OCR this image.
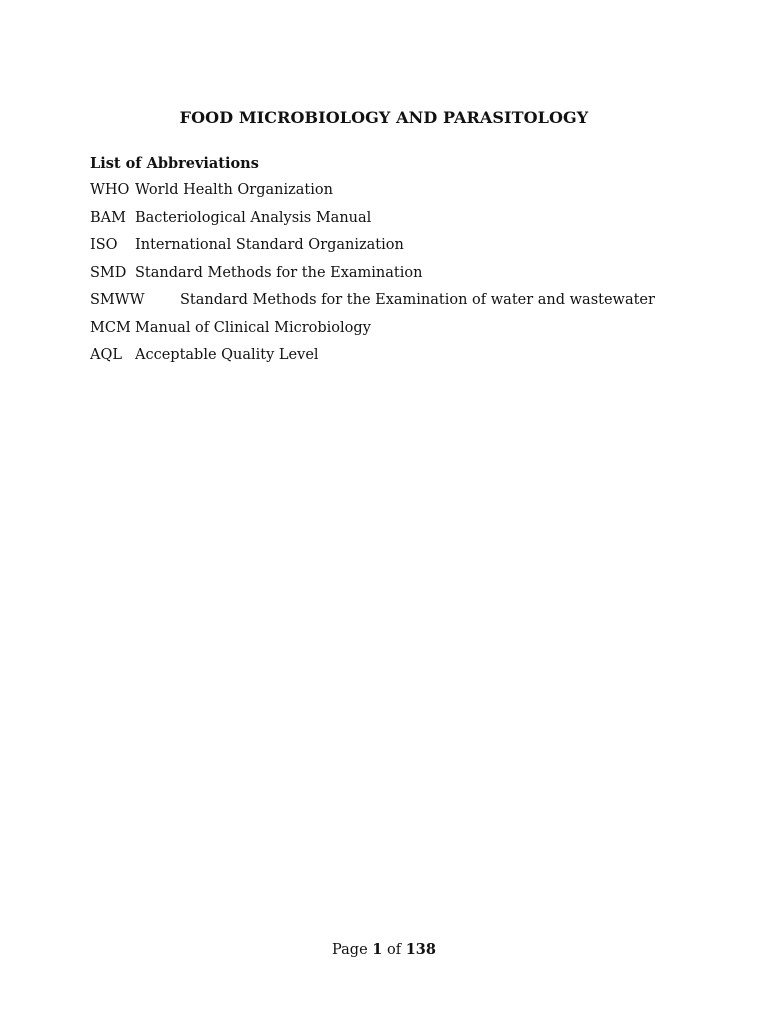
FOOD MICROBIOLOGY AND PARASITOLOGY
List of Abbreviations
WHO World Health Organization
BAM Bacteriological Analysis Manual
ISO	International Standard Organization
SMD Standard Methods for the Examination
SMWW	Standard Methods for the Examination of water and wastewater
MCM Manual of Clinical Microbiology
AQL Acceptable Quality Level
Page 1 of 138
